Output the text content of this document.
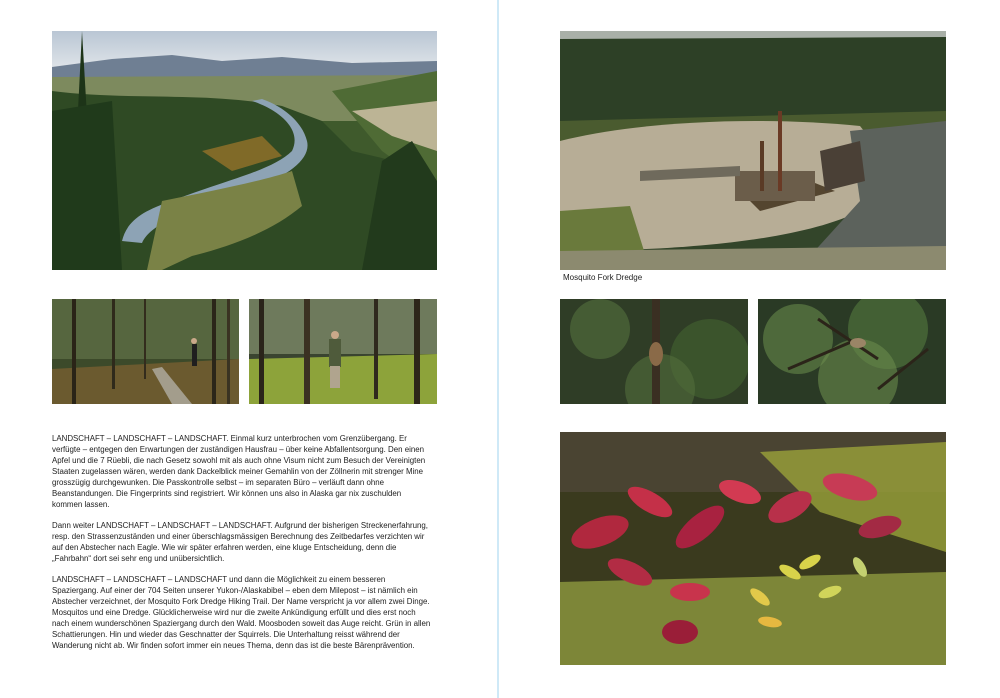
LANDSCHAFT – LANDSCHAFT – LANDSCHAFT. Einmal kurz unterbrochen vom Grenzübergang. Er verfügte – entgegen den Erwartungen der zuständigen Hausfrau – über keine Abfallentsorgung. Den einen Apfel und die 7 Rüebli, die nach Gesetz sowohl mit als auch ohne Visum nicht zum Besuch der Vereinigten Staaten zugelassen wären, werden dank Dackelblick meiner Gemahlin von der Zöllnerin mit strenger Mine grosszügig durchgewunken. Die Passkontrolle selbst – im separaten Büro – verläuft dann ohne Beanstandungen. Die Fingerprints sind registriert. Wir können uns also in Alaska gar nix zuschulden kommen lassen.

Dann weiter LANDSCHAFT – LANDSCHAFT – LANDSCHAFT. Aufgrund der bisherigen Streckenerfahrung, resp. den Strassenzuständen und einer überschlagsmässigen Berechnung des Zeitbedarfes verzichten wir auf den Abstecher nach Eagle. Wie wir später erfahren werden, eine kluge Entscheidung, denn die „Fahrbahn“ dort sei sehr eng und unübersichtlich.

LANDSCHAFT – LANDSCHAFT – LANDSCHAFT und dann die Möglichkeit zu einem besseren Spaziergang. Auf einer der 704 Seiten unserer Yukon-/Alaskabibel – eben dem Milepost – ist nämlich ein Abstecher verzeichnet, der Mosquito Fork Dredge Hiking Trail. Der Name verspricht ja vor allem zwei Dinge. Mosquitos und eine Dredge. Glücklicherweise wird nur die zweite Ankündigung erfüllt und dies erst noch nach einem wunderschönen Spaziergang durch den Wald. Moosboden soweit das Auge reicht. Grün in allen Schattierungen. Hin und wieder das Geschnatter der Squirrels. Die Unterhaltung reisst während der Wanderung nicht ab. Wir finden sofort immer ein neues Thema, denn das ist die beste Bärenprävention.

Mosquito Fork Dredge
